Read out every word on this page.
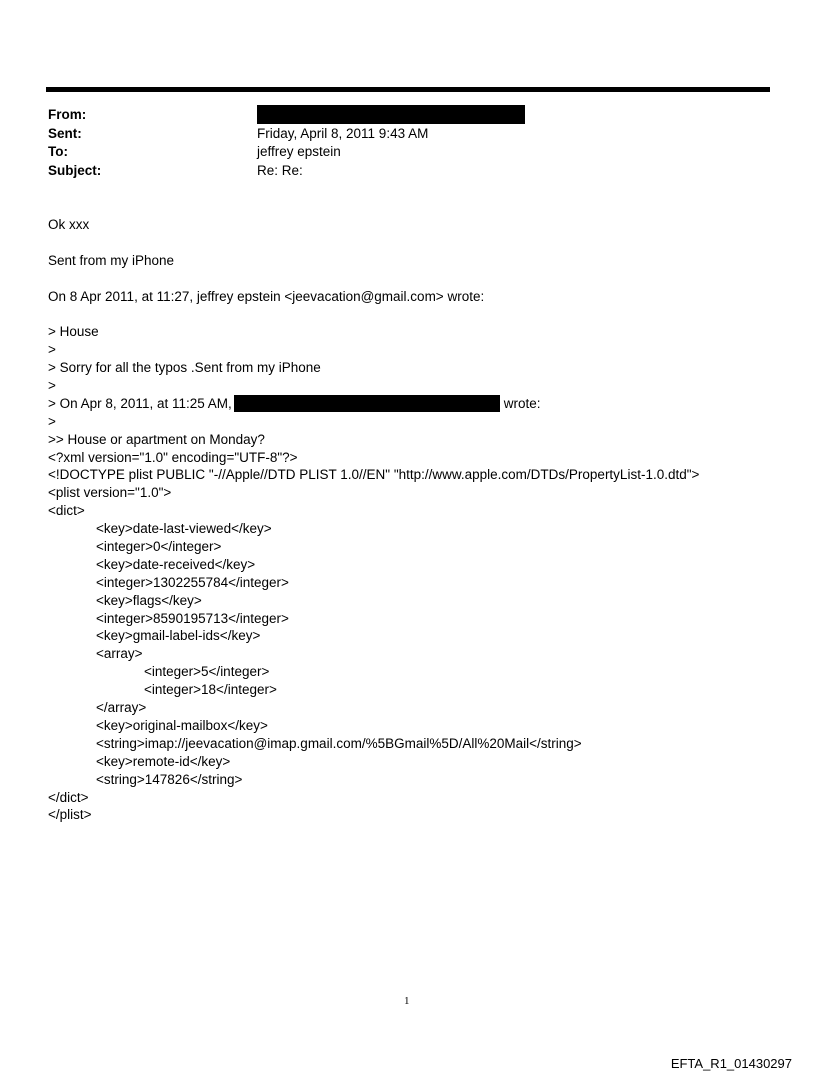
From:
Sent:	Friday, April 8, 2011 9:43 AM
To:	jeffrey epstein
Subject:	Re: Re:
Ok xxx
Sent from my iPhone
On 8 Apr 2011, at 11:27, jeffrey epstein <jeevacation@gmail.com> wrote:
> House
>
> Sorry for all the typos .Sent from my iPhone
>
> On Apr 8, 2011, at 11:25 AM,	wrote:
>
>> House or apartment on Monday?
<?xml version="1.0" encoding="UTF-8"?>
<!DOCTYPE plist PUBLIC "-//Apple//DTD PLIST 1.0//EN" "http://www.apple.com/DTDs/PropertyList-1.0.dtd">
<plist version="1.0">
<dict>
<key>date-last-viewed</key>
<integer>0</integer>
<key>date-received</key>
<integer>1302255784</integer>
<key>flags</key>
<integer>8590195713</integer>
<key>gmail-label-ids</key>
<array>
<integer>5</integer>
<integer>18</integer>
</array>
<key>original-mailbox</key>
<string>imap://jeevacation@imap.gmail.com/%5BGmail%5D/All%20Mail</string>
<key>remote-id</key>
<string>147826</string>
</dict>
</plist>
1
EFTA_R1_01430297
